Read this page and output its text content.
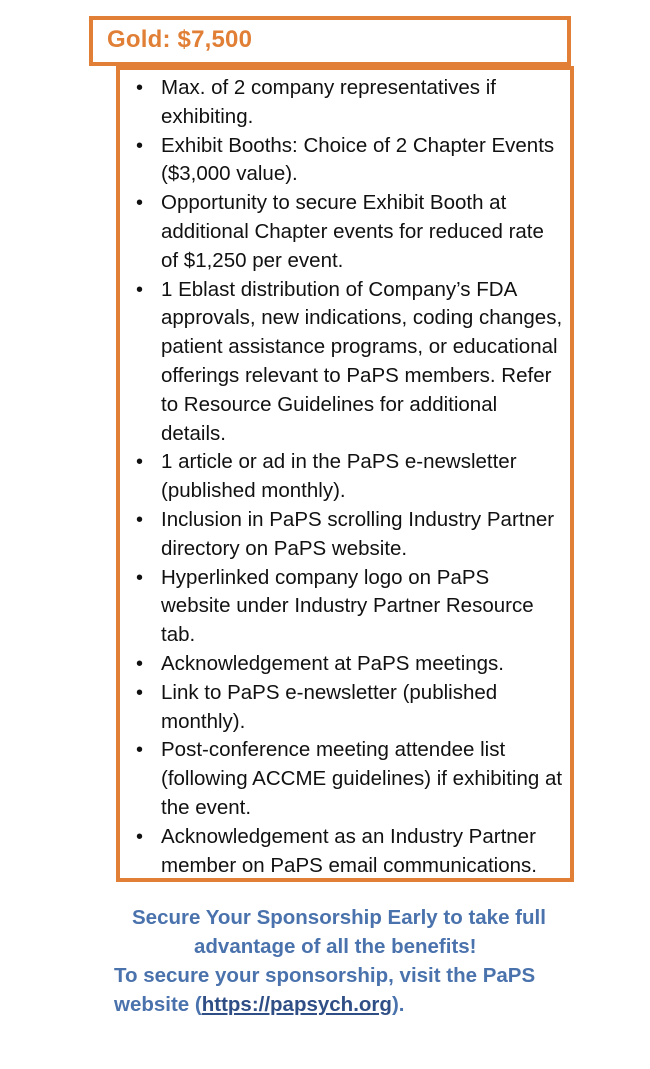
Gold: $7,500
• Max. of 2 company representatives if exhibiting.
• Exhibit Booths: Choice of 2 Chapter Events ($3,000 value).
• Opportunity to secure Exhibit Booth at additional Chapter events for reduced rate of $1,250 per event.
• 1 Eblast distribution of Company’s FDA approvals, new indications, coding changes, patient assistance programs, or educational offerings relevant to PaPS members. Refer to Resource Guidelines for additional details.
• 1 article or ad in the PaPS e-newsletter (published monthly).
• Inclusion in PaPS scrolling Industry Partner directory on PaPS website.
• Hyperlinked company logo on PaPS website under Industry Partner Resource tab.
• Acknowledgement at PaPS meetings.
• Link to PaPS e-newsletter (published monthly).
• Post-conference meeting attendee list (following ACCME guidelines) if exhibiting at the event.
• Acknowledgement as an Industry Partner member on PaPS email communications.

Secure Your Sponsorship Early to take full

advantage of all the benefits!

To secure your sponsorship, visit the PaPS

website (https://papsych.org).
